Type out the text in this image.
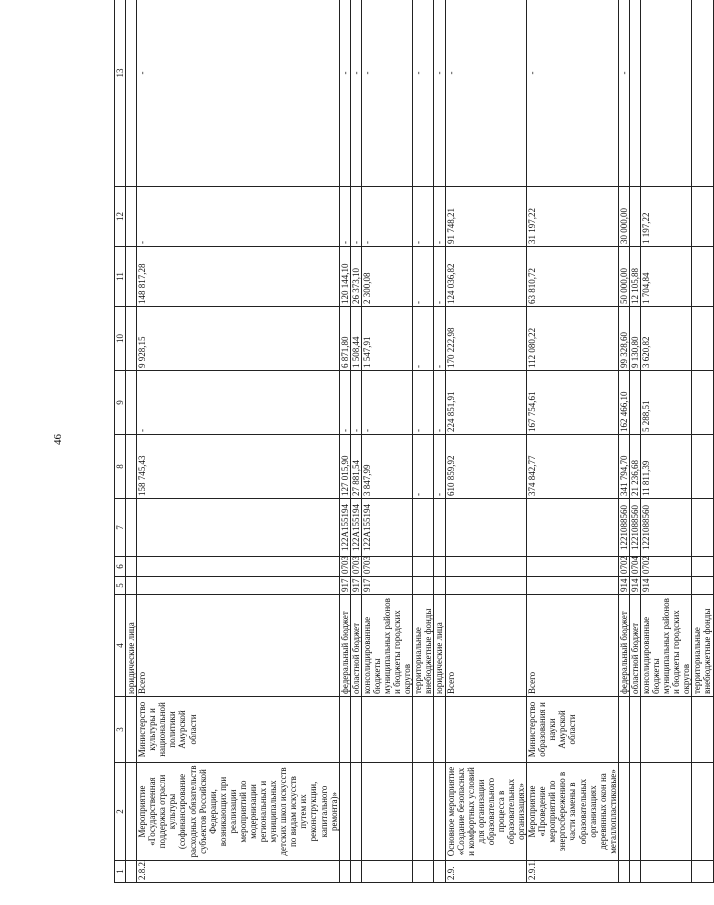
46
1	2	3	4	5	6	7	8	9	10	11	12	13
			юридические лица									
2.8.2.	Мероприятие «Государственная поддержка отрасли культуры (софинансирование расходных обязательств субъектов Российской Федерации, возникающих при реализации мероприятий по модернизации региональных и муниципальных детских школ искусств по видам искусств путем их реконструкции, капитального ремонта)»	Министерство культуры и национальной политики Амурской области	Всего				158 745,43	-	9 928,15	148 817,28	-	-
			федеральный бюджет	917	0703	122A155194	127 015,90	-	6 871,80	120 144,10	-	-
			областной бюджет	917	0703	122A155194	27 881,54	-	1 508,44	26 373,10	-	-
			консолидированные бюджеты муниципальных районов и бюджеты городских округов	917	0703	122A155194	3 847,99	-	1 547,91	2 300,08	-	-
			территориальные внебюджетные фонды				-	-	-	-	-	-
			юридические лица				-	-	-	-	-	-
2.9.	Основное мероприятие «Создание безопасных и комфортных условий для организации образовательного процесса в образовательных организациях»		Всего				610 859,92	224 851,91	170 222,98	124 036,82	91 748,21	-
2.9.1.	Мероприятие «Проведение мероприятий по энергосбережению в части замены в образовательных организациях деревянных окон на металлопластиковые»	Министерство образования и науки Амурской области	Всего				374 842,77	167 754,61	112 080,22	63 810,72	31 197,22	-
			федеральный бюджет	914	0702	1221088560	341 794,70	162 466,10	99 328,60	50 000,00	30 000,00	-
			областной бюджет	914	0704	1221088560	21 236,68		9 130,80	12 105,88		
			консолидированные бюджеты муниципальных районов и бюджеты городских округов	914	0702	1221088560	11 811,39	5 288,51	3 620,82	1 704,84	1 197,22	
			территориальные внебюджетные фонды									
